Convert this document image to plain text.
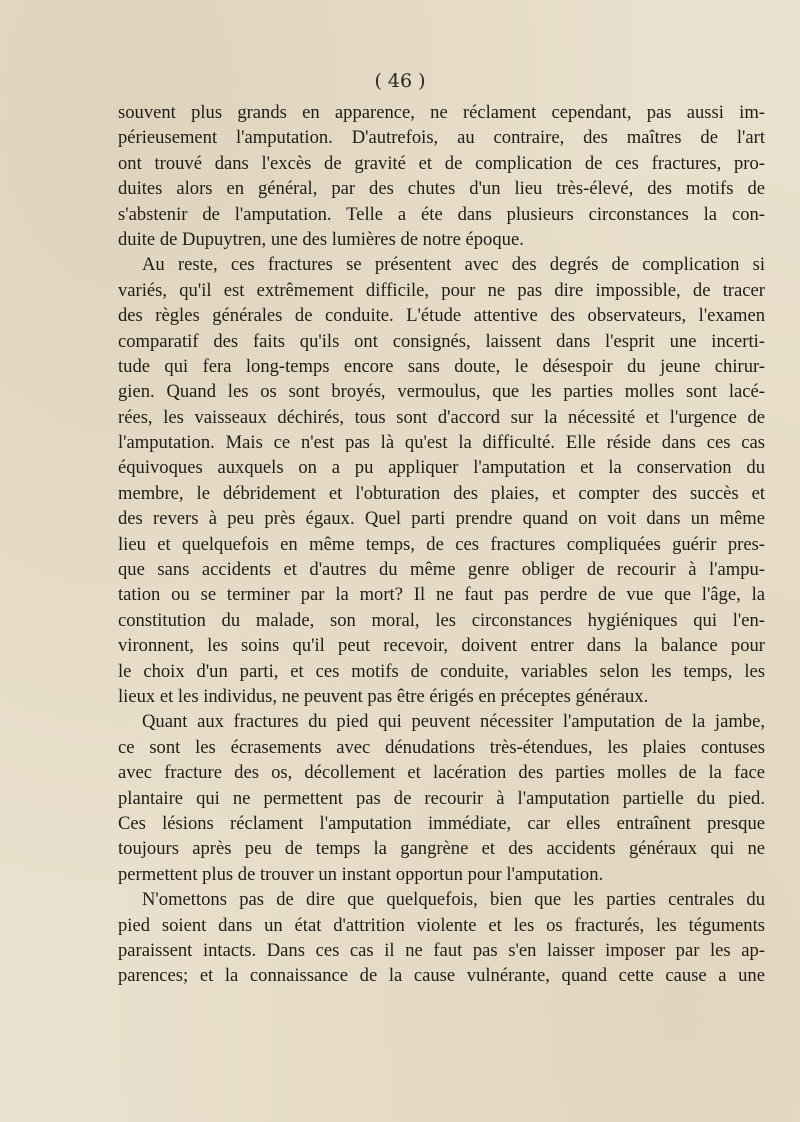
( 46 )
souvent plus grands en apparence, ne réclament cependant, pas aussi im-
périeusement l'amputation. D'autrefois, au contraire, des maîtres de l'art
ont trouvé dans l'excès de gravité et de complication de ces fractures, pro-
duites alors en général, par des chutes d'un lieu très-élevé, des motifs de
s'abstenir de l'amputation. Telle a éte dans plusieurs circonstances la con-
duite de Dupuytren, une des lumières de notre époque.
Au reste, ces fractures se présentent avec des degrés de complication si
variés, qu'il est extrêmement difficile, pour ne pas dire impossible, de tracer
des règles générales de conduite. L'étude attentive des observateurs, l'examen
comparatif des faits qu'ils ont consignés, laissent dans l'esprit une incerti-
tude qui fera long-temps encore sans doute, le désespoir du jeune chirur-
gien. Quand les os sont broyés, vermoulus, que les parties molles sont lacé-
rées, les vaisseaux déchirés, tous sont d'accord sur la nécessité et l'urgence de
l'amputation. Mais ce n'est pas là qu'est la difficulté. Elle réside dans ces cas
équivoques auxquels on a pu appliquer l'amputation et la conservation du
membre, le débridement et l'obturation des plaies, et compter des succès et
des revers à peu près égaux. Quel parti prendre quand on voit dans un même
lieu et quelquefois en même temps, de ces fractures compliquées guérir pres-
que sans accidents et d'autres du même genre obliger de recourir à l'ampu-
tation ou se terminer par la mort? Il ne faut pas perdre de vue que l'âge, la
constitution du malade, son moral, les circonstances hygiéniques qui l'en-
vironnent, les soins qu'il peut recevoir, doivent entrer dans la balance pour
le choix d'un parti, et ces motifs de conduite, variables selon les temps, les
lieux et les individus, ne peuvent pas être érigés en préceptes généraux.
Quant aux fractures du pied qui peuvent nécessiter l'amputation de la jambe,
ce sont les écrasements avec dénudations très-étendues, les plaies contuses
avec fracture des os, décollement et lacération des parties molles de la face
plantaire qui ne permettent pas de recourir à l'amputation partielle du pied.
Ces lésions réclament l'amputation immédiate, car elles entraînent presque
toujours après peu de temps la gangrène et des accidents généraux qui ne
permettent plus de trouver un instant opportun pour l'amputation.
N'omettons pas de dire que quelquefois, bien que les parties centrales du
pied soient dans un état d'attrition violente et les os fracturés, les téguments
paraissent intacts. Dans ces cas il ne faut pas s'en laisser imposer par les ap-
parences; et la connaissance de la cause vulnérante, quand cette cause a une
